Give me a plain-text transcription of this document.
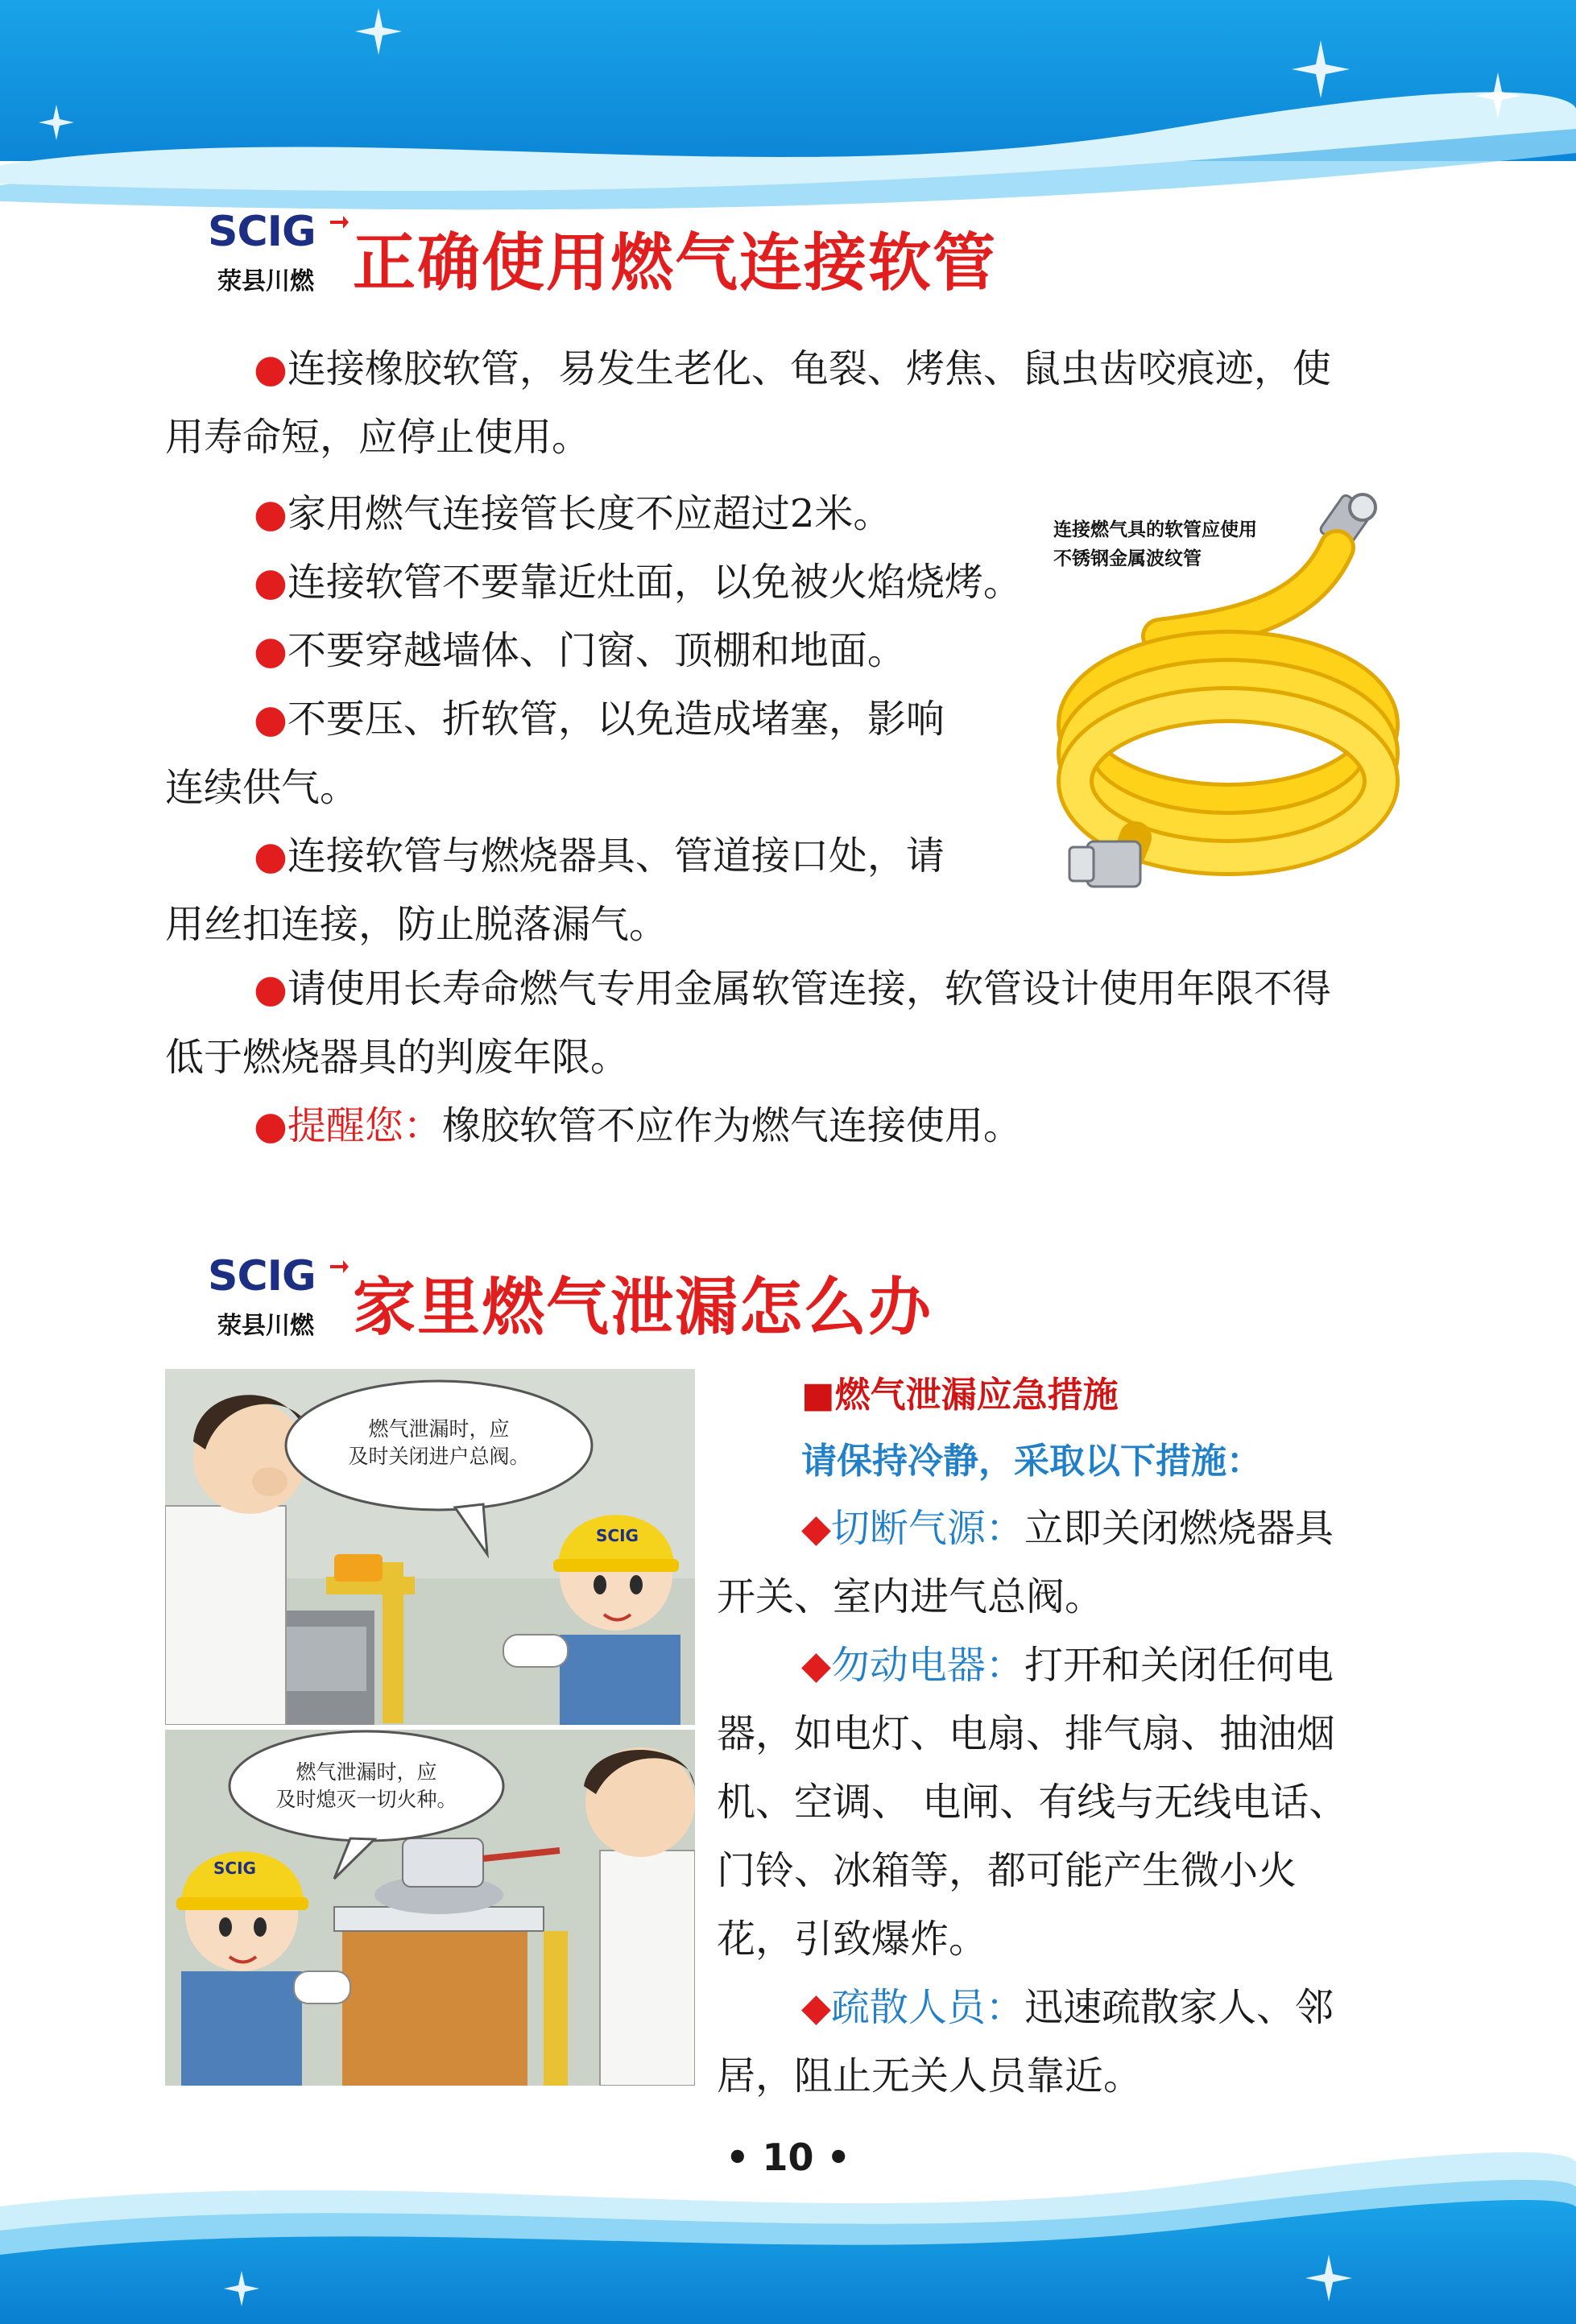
SCIG
荥县川燃 正确使用燃气连接软管
●连接橡胶软管，易发生老化、龟裂、烤焦、鼠虫齿咬痕迹，使
用寿命短，应停止使用。
●家用燃气连接管长度不应超过2米。
●连接软管不要靠近灶面，以免被火焰烧烤。
●不要穿越墙体、门窗、顶棚和地面。
●不要压、折软管，以免造成堵塞，影响
连续供气。
●连接软管与燃烧器具、管道接口处，请
用丝扣连接，防止脱落漏气。
●请使用长寿命燃气专用金属软管连接，软管设计使用年限不得
低于燃烧器具的判废年限。
●提醒您：橡胶软管不应作为燃气连接使用。
连接燃气具的软管应使用
不锈钢金属波纹管
SCIG
荥县川燃 家里燃气泄漏怎么办
燃气泄漏时，应
及时关闭进户总阀。
SCIG
燃气泄漏时，应
及时熄灭一切火种。
SCIG
■燃气泄漏应急措施
请保持冷静，采取以下措施：
◆切断气源：立即关闭燃烧器具
开关、室内进气总阀。
◆勿动电器：打开和关闭任何电
器，如电灯、电扇、排气扇、抽油烟
机、空调、 电闸、有线与无线电话、
门铃、冰箱等，都可能产生微小火
花，引致爆炸。
◆疏散人员：迅速疏散家人、邻
居，阻止无关人员靠近。
• 10 •
